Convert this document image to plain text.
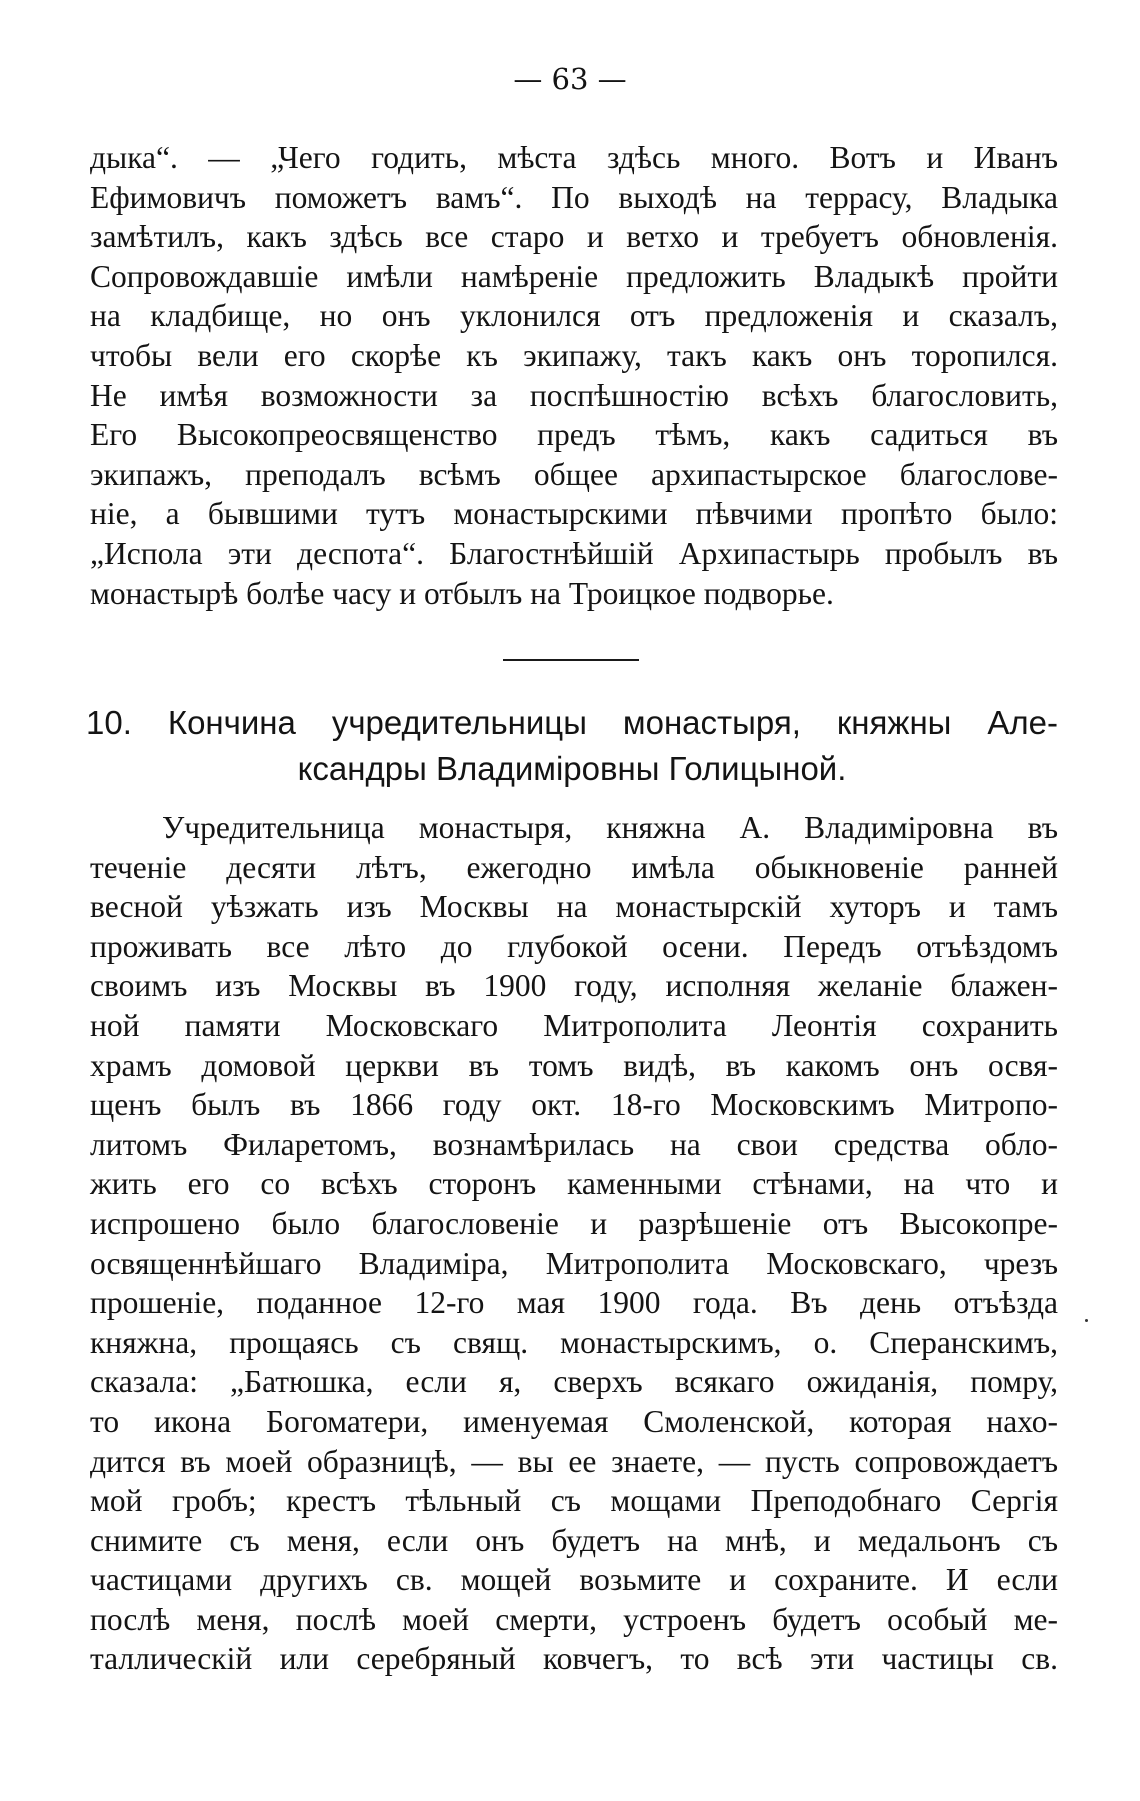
— 63 —
дыка“. — „Чего годить, мѣста здѣсь много. Вотъ и Иванъ
Ефимовичъ поможетъ вамъ“. По выходѣ на террасу, Владыка
замѣтилъ, какъ здѣсь все старо и ветхо и требуетъ обновленія.
Сопровождавшіе имѣли намѣреніе предложить Владыкѣ пройти
на кладбище, но онъ уклонился отъ предложенія и сказалъ,
чтобы вели его скорѣе къ экипажу, такъ какъ онъ торопился.
Не имѣя возможности за поспѣшностію всѣхъ благословить,
Его Высокопреосвященство предъ тѣмъ, какъ садиться въ
экипажъ, преподалъ всѣмъ общее архипастырское благослове-
ніе, а бывшими тутъ монастырскими пѣвчими пропѣто было:
„Испола эти деспота“. Благостнѣйшій Архипастырь пробылъ въ
монастырѣ болѣе часу и отбылъ на Троицкое подворье.
10. Кончина учредительницы монастыря, княжны Але-
ксандры Владиміровны Голицыной.
Учредительница монастыря, княжна А. Владиміровна въ
теченіе десяти лѣтъ, ежегодно имѣла обыкновеніе ранней
весной уѣзжать изъ Москвы на монастырскій хуторъ и тамъ
проживать все лѣто до глубокой осени. Передъ отъѣздомъ
своимъ изъ Москвы въ 1900 году, исполняя желаніе блажен-
ной памяти Московскаго Митрополита Леонтія сохранить
храмъ домовой церкви въ томъ видѣ, въ какомъ онъ освя-
щенъ былъ въ 1866 году окт. 18-го Московскимъ Митропо-
литомъ Филаретомъ, вознамѣрилась на свои средства обло-
жить его со всѣхъ сторонъ каменными стѣнами, на что и
испрошено было благословеніе и разрѣшеніе отъ Высокопре-
освященнѣйшаго Владиміра, Митрополита Московскаго, чрезъ
прошеніе, поданное 12-го мая 1900 года. Въ день отъѣзда
княжна, прощаясь съ свящ. монастырскимъ, о. Сперанскимъ,
сказала: „Батюшка, если я, сверхъ всякаго ожиданія, помру,
то икона Богоматери, именуемая Смоленской, которая нахо-
дится въ моей образницѣ, — вы ее знаете, — пусть сопровождаетъ
мой гробъ; крестъ тѣльный съ мощами Преподобнаго Сергія
снимите съ меня, если онъ будетъ на мнѣ, и медальонъ съ
частицами другихъ св. мощей возьмите и сохраните. И если
послѣ меня, послѣ моей смерти, устроенъ будетъ особый ме-
таллическій или серебряный ковчегъ, то всѣ эти частицы св.
